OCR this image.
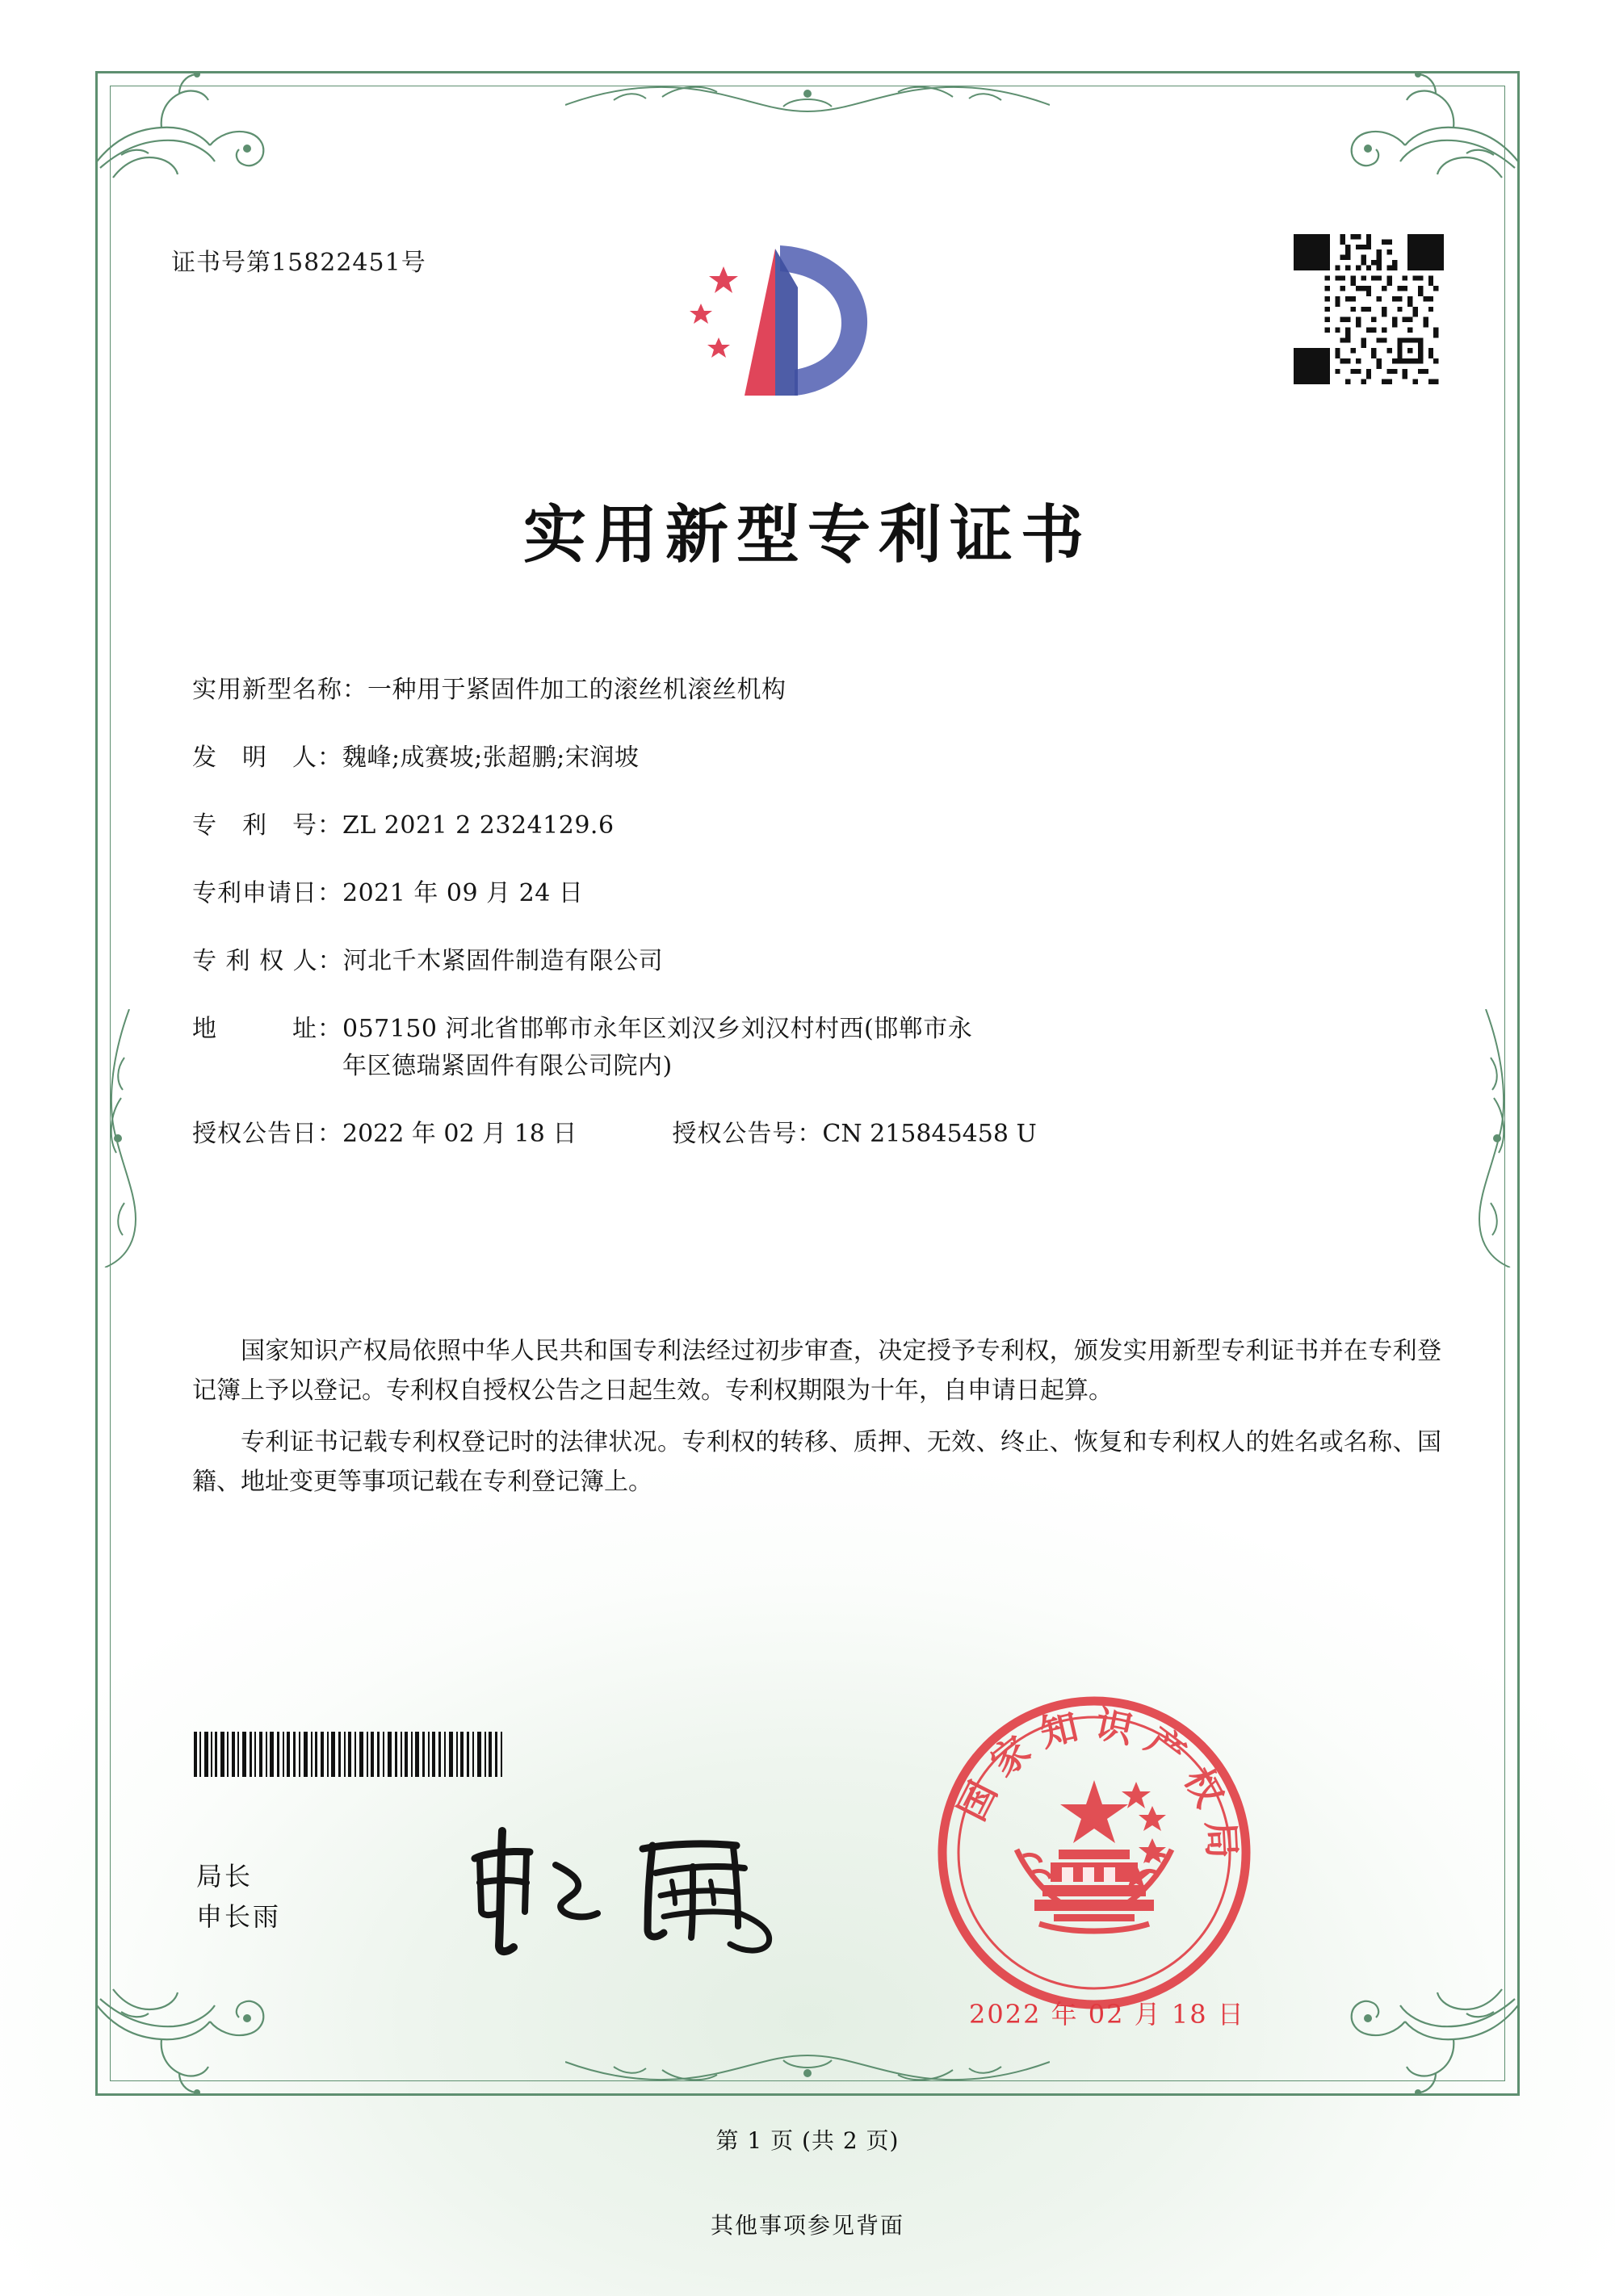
证书号第15822451号
实用新型专利证书
实用新型名称： 一种用于紧固件加工的滚丝机滚丝机构
发　明　人： 魏峰;成赛坡;张超鹏;宋润坡
专　利　号： ZL 2021 2 2324129.6
专利申请日： 2021 年 09 月 24 日
专 利 权 人： 河北千木紧固件制造有限公司
地　　　址： 057150 河北省邯郸市永年区刘汉乡刘汉村村西(邯郸市永
年区德瑞紧固件有限公司院内)
授权公告日： 2022 年 02 月 18 日	授权公告号： CN 215845458 U

国家知识产权局依照中华人民共和国专利法经过初步审查，决定授予专利权，颁发实用新型专利证书并在专利登记簿上予以登记。专利权自授权公告之日起生效。专利权期限为十年，自申请日起算。

专利证书记载专利权登记时的法律状况。专利权的转移、质押、无效、终止、恢复和专利权人的姓名或名称、国籍、地址变更等事项记载在专利登记簿上。

局长
申长雨
国家知识产权局
2022 年 02 月 18 日
第 1 页 (共 2 页)
其他事项参见背面
